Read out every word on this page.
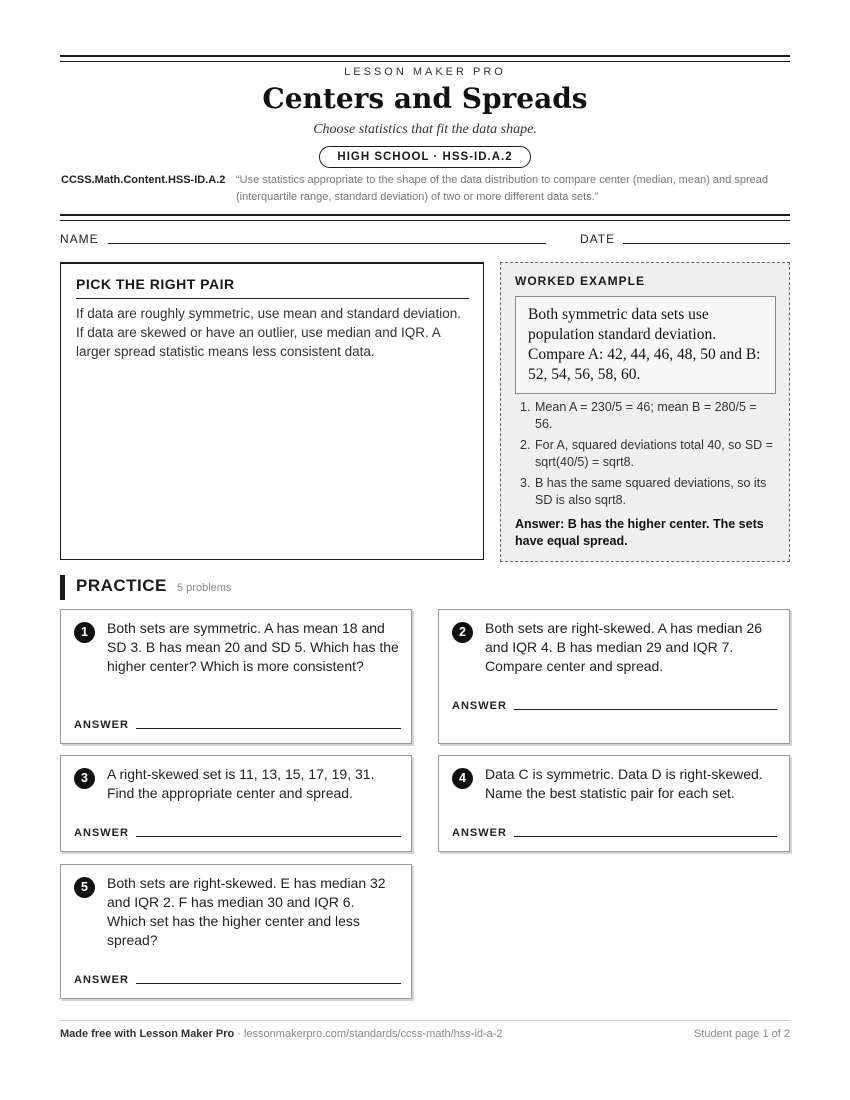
LESSON MAKER PRO
Centers and Spreads
Choose statistics that fit the data shape.
HIGH SCHOOL · HSS-ID.A.2
CCSS.Math.Content.HSS-ID.A.2 “Use statistics appropriate to the shape of the data distribution to compare center (median, mean) and spread (interquartile range, standard deviation) of two or more different data sets.”
NAME	DATE
PICK THE RIGHT PAIR
If data are roughly symmetric, use mean and standard deviation. If data are skewed or have an outlier, use median and IQR. A larger spread statistic means less consistent data.
WORKED EXAMPLE
Both symmetric data sets use population standard deviation. Compare A: 42, 44, 46, 48, 50 and B: 52, 54, 56, 58, 60.
1. Mean A = 230/5 = 46; mean B = 280/5 = 56.
2. For A, squared deviations total 40, so SD = sqrt(40/5) = sqrt8.
3. B has the same squared deviations, so its SD is also sqrt8.
Answer: B has the higher center. The sets have equal spread.
PRACTICE 5 problems
1	Both sets are symmetric. A has mean 18 and SD 3. B has mean 20 and SD 5. Which has the higher center? Which is more consistent?
ANSWER
2	Both sets are right-skewed. A has median 26 and IQR 4. B has median 29 and IQR 7. Compare center and spread.
ANSWER
3	A right-skewed set is 11, 13, 15, 17, 19, 31. Find the appropriate center and spread.
ANSWER
4	Data C is symmetric. Data D is right-skewed. Name the best statistic pair for each set.
ANSWER
5	Both sets are right-skewed. E has median 32 and IQR 2. F has median 30 and IQR 6. Which set has the higher center and less spread?
ANSWER
Made free with Lesson Maker Pro · lessonmakerpro.com/standards/ccss-math/hss-id-a-2	Student page 1 of 2
